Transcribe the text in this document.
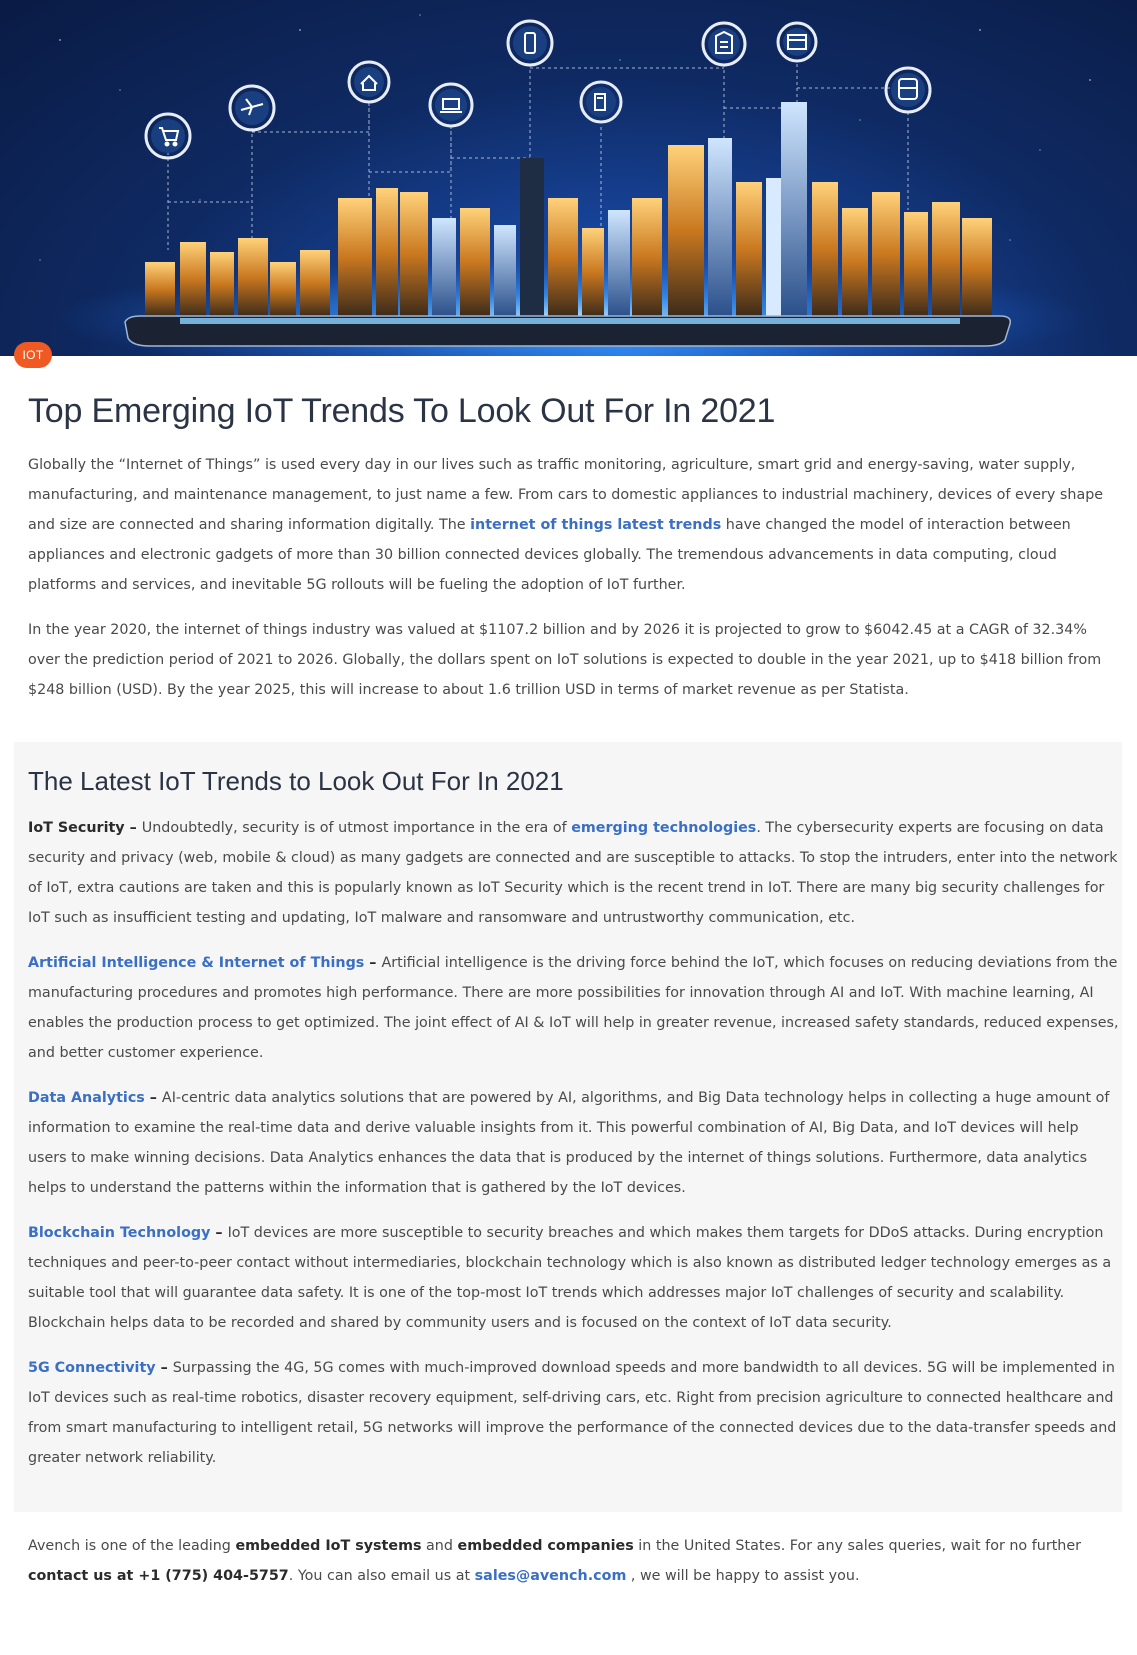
IOT
Top Emerging IoT Trends To Look Out For In 2021

Globally the “Internet of Things” is used every day in our lives such as traffic monitoring, agriculture, smart grid and energy-saving, water supply, manufacturing, and maintenance management, to just name a few. From cars to domestic appliances to industrial machinery, devices of every shape and size are connected and sharing information digitally. The internet of things latest trends have changed the model of interaction between appliances and electronic gadgets of more than 30 billion connected devices globally. The tremendous advancements in data computing, cloud platforms and services, and inevitable 5G rollouts will be fueling the adoption of IoT further.

In the year 2020, the internet of things industry was valued at $1107.2 billion and by 2026 it is projected to grow to $6042.45 at a CAGR of 32.34% over the prediction period of 2021 to 2026. Globally, the dollars spent on IoT solutions is expected to double in the year 2021, up to $418 billion from $248 billion (USD). By the year 2025, this will increase to about 1.6 trillion USD in terms of market revenue as per Statista.

The Latest IoT Trends to Look Out For In 2021

IoT Security – Undoubtedly, security is of utmost importance in the era of emerging technologies. The cybersecurity experts are focusing on data security and privacy (web, mobile & cloud) as many gadgets are connected and are susceptible to attacks. To stop the intruders, enter into the network of IoT, extra cautions are taken and this is popularly known as IoT Security which is the recent trend in IoT. There are many big security challenges for IoT such as insufficient testing and updating, IoT malware and ransomware and untrustworthy communication, etc.

Artificial Intelligence & Internet of Things – Artificial intelligence is the driving force behind the IoT, which focuses on reducing deviations from the manufacturing procedures and promotes high performance. There are more possibilities for innovation through AI and IoT. With machine learning, AI enables the production process to get optimized. The joint effect of AI & IoT will help in greater revenue, increased safety standards, reduced expenses, and better customer experience.

Data Analytics – AI-centric data analytics solutions that are powered by AI, algorithms, and Big Data technology helps in collecting a huge amount of information to examine the real-time data and derive valuable insights from it. This powerful combination of AI, Big Data, and IoT devices will help users to make winning decisions. Data Analytics enhances the data that is produced by the internet of things solutions. Furthermore, data analytics helps to understand the patterns within the information that is gathered by the IoT devices.

Blockchain Technology – IoT devices are more susceptible to security breaches and which makes them targets for DDoS attacks. During encryption techniques and peer-to-peer contact without intermediaries, blockchain technology which is also known as distributed ledger technology emerges as a suitable tool that will guarantee data safety. It is one of the top-most IoT trends which addresses major IoT challenges of security and scalability. Blockchain helps data to be recorded and shared by community users and is focused on the context of IoT data security.

5G Connectivity – Surpassing the 4G, 5G comes with much-improved download speeds and more bandwidth to all devices. 5G will be implemented in IoT devices such as real-time robotics, disaster recovery equipment, self-driving cars, etc. Right from precision agriculture to connected healthcare and from smart manufacturing to intelligent retail, 5G networks will improve the performance of the connected devices due to the data-transfer speeds and greater network reliability.

Avench is one of the leading embedded IoT systems and embedded companies in the United States. For any sales queries, wait for no further contact us at +1 (775) 404-5757. You can also email us at sales@avench.com , we will be happy to assist you.
